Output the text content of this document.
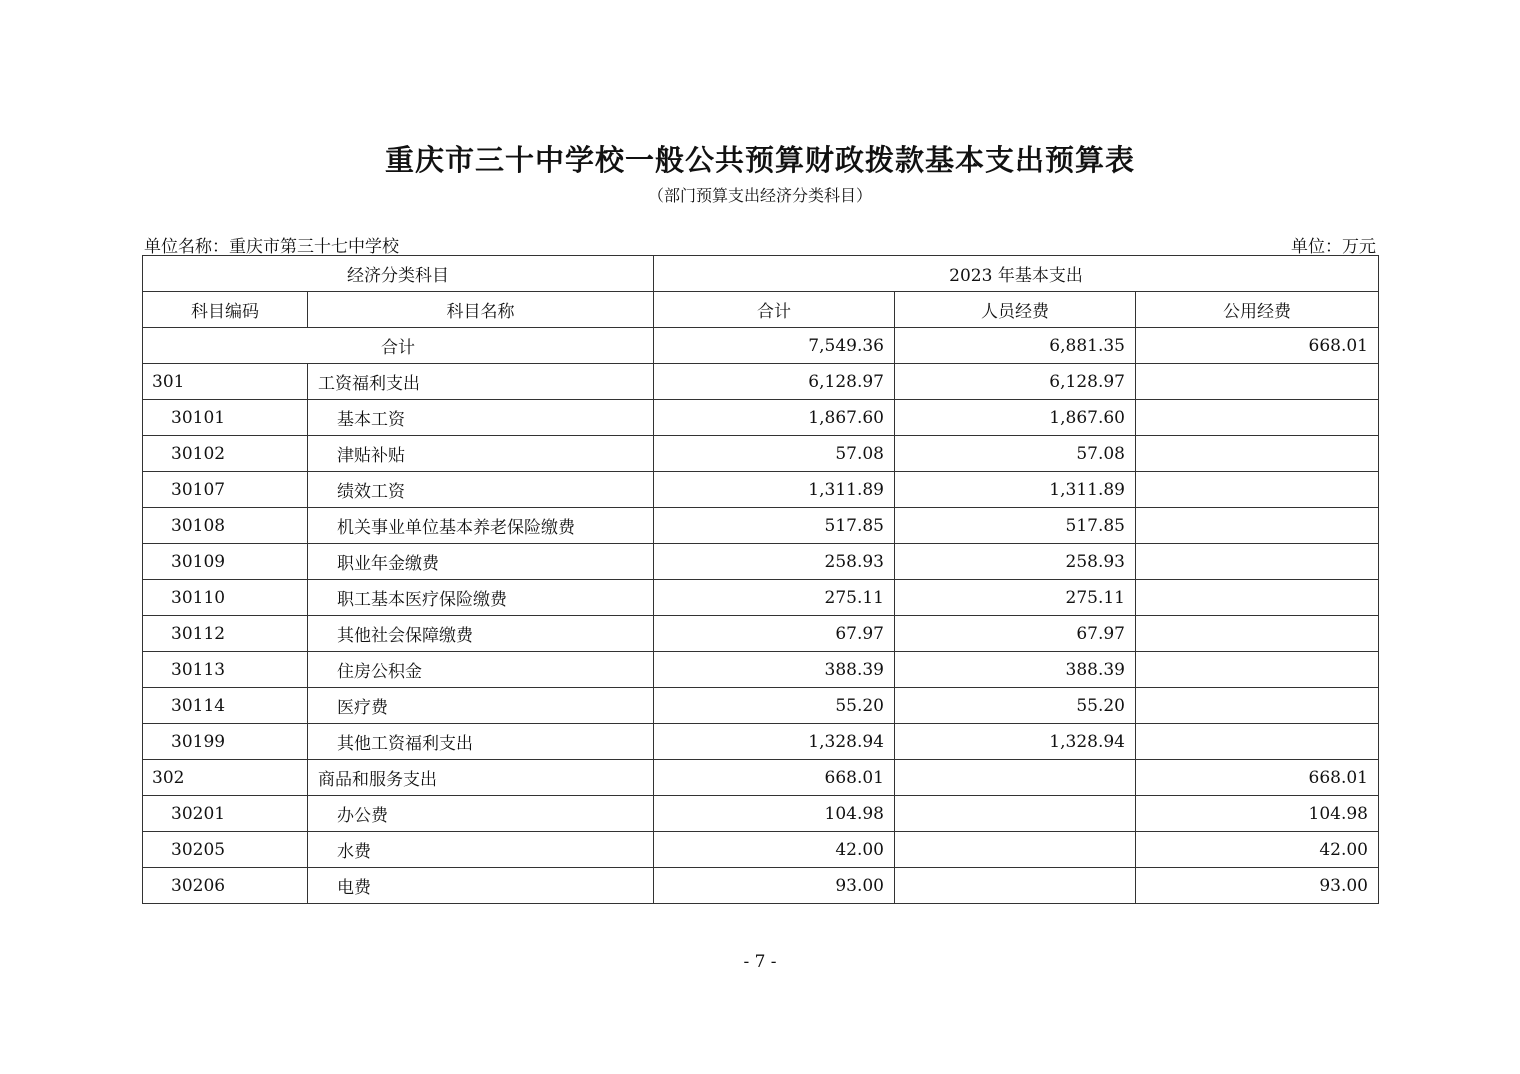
重庆市三十中学校一般公共预算财政拨款基本支出预算表
（部门预算支出经济分类科目）
单位名称：重庆市第三十七中学校	单位：万元
经济分类科目		2023 年基本支出		
科目编码	科目名称	合计	人员经费	公用经费
合计		7,549.36	6,881.35	668.01
301	工资福利支出	6,128.97	6,128.97	
30101	基本工资	1,867.60	1,867.60	
30102	津贴补贴	57.08	57.08	
30107	绩效工资	1,311.89	1,311.89	
30108	机关事业单位基本养老保险缴费	517.85	517.85	
30109	职业年金缴费	258.93	258.93	
30110	职工基本医疗保险缴费	275.11	275.11	
30112	其他社会保障缴费	67.97	67.97	
30113	住房公积金	388.39	388.39	
30114	医疗费	55.20	55.20	
30199	其他工资福利支出	1,328.94	1,328.94	
302	商品和服务支出	668.01		668.01
30201	办公费	104.98		104.98
30205	水费	42.00		42.00
30206	电费	93.00		93.00
- 7 -
